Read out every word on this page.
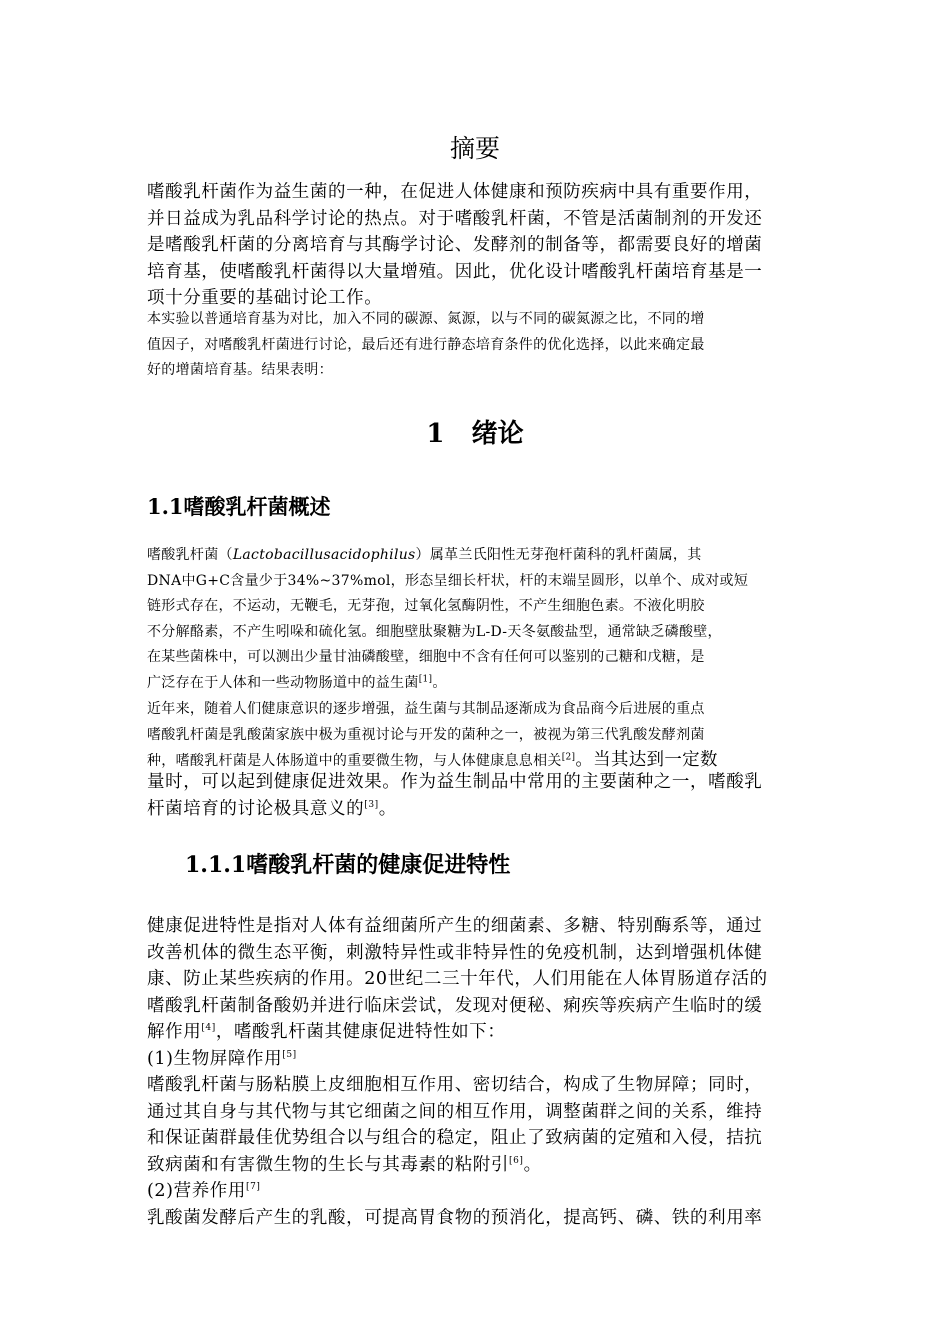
摘要
嗜酸乳杆菌作为益生菌的一种，在促进人体健康和预防疾病中具有重要作用，
并日益成为乳品科学讨论的热点。对于嗜酸乳杆菌，不管是活菌制剂的开发还
是嗜酸乳杆菌的分离培育与其酶学讨论、发酵剂的制备等，都需要良好的增菌
培育基，使嗜酸乳杆菌得以大量增殖。因此，优化设计嗜酸乳杆菌培育基是一
项十分重要的基础讨论工作。
本实验以普通培育基为对比，加入不同的碳源、氮源，以与不同的碳氮源之比，不同的增
值因子，对嗜酸乳杆菌进行讨论，最后还有进行静态培育条件的优化选择，以此来确定最
好的增菌培育基。结果表明：
1   绪论
1.1嗜酸乳杆菌概述
嗜酸乳杆菌（Lactobacillusacidophilus）属革兰氏阳性无芽孢杆菌科的乳杆菌属，其
DNA中G+C含量少于34%~37%mol，形态呈细长杆状，杆的末端呈圆形，以单个、成对或短
链形式存在，不运动，无鞭毛，无芽孢，过氧化氢酶阴性，不产生细胞色素。不液化明胶
不分解酪素，不产生吲哚和硫化氢。细胞壁肽聚糖为L-D-天冬氨酸盐型，通常缺乏磷酸壁，
在某些菌株中，可以测出少量甘油磷酸壁，细胞中不含有任何可以鉴别的己糖和戊糖，是
广泛存在于人体和一些动物肠道中的益生菌[1]。
近年来，随着人们健康意识的逐步增强，益生菌与其制品逐渐成为食品商今后进展的重点
嗜酸乳杆菌是乳酸菌家族中极为重视讨论与开发的菌种之一，被视为第三代乳酸发酵剂菌
种，嗜酸乳杆菌是人体肠道中的重要微生物，与人体健康息息相关[2]。当其达到一定数
量时，可以起到健康促进效果。作为益生制品中常用的主要菌种之一，嗜酸乳
杆菌培育的讨论极具意义的[3]。
1.1.1嗜酸乳杆菌的健康促进特性
健康促进特性是指对人体有益细菌所产生的细菌素、多糖、特别酶系等，通过
改善机体的微生态平衡，刺激特异性或非特异性的免疫机制，达到增强机体健
康、防止某些疾病的作用。20世纪二三十年代，人们用能在人体胃肠道存活的
嗜酸乳杆菌制备酸奶并进行临床尝试，发现对便秘、痢疾等疾病产生临时的缓
解作用[4]，嗜酸乳杆菌其健康促进特性如下：
(1)生物屏障作用[5]
嗜酸乳杆菌与肠粘膜上皮细胞相互作用、密切结合，构成了生物屏障；同时，
通过其自身与其代物与其它细菌之间的相互作用，调整菌群之间的关系，维持
和保证菌群最佳优势组合以与组合的稳定，阻止了致病菌的定殖和入侵，拮抗
致病菌和有害微生物的生长与其毒素的粘附引[6]。
(2)营养作用[7]
乳酸菌发酵后产生的乳酸，可提高胃食物的预消化，提高钙、磷、铁的利用率
